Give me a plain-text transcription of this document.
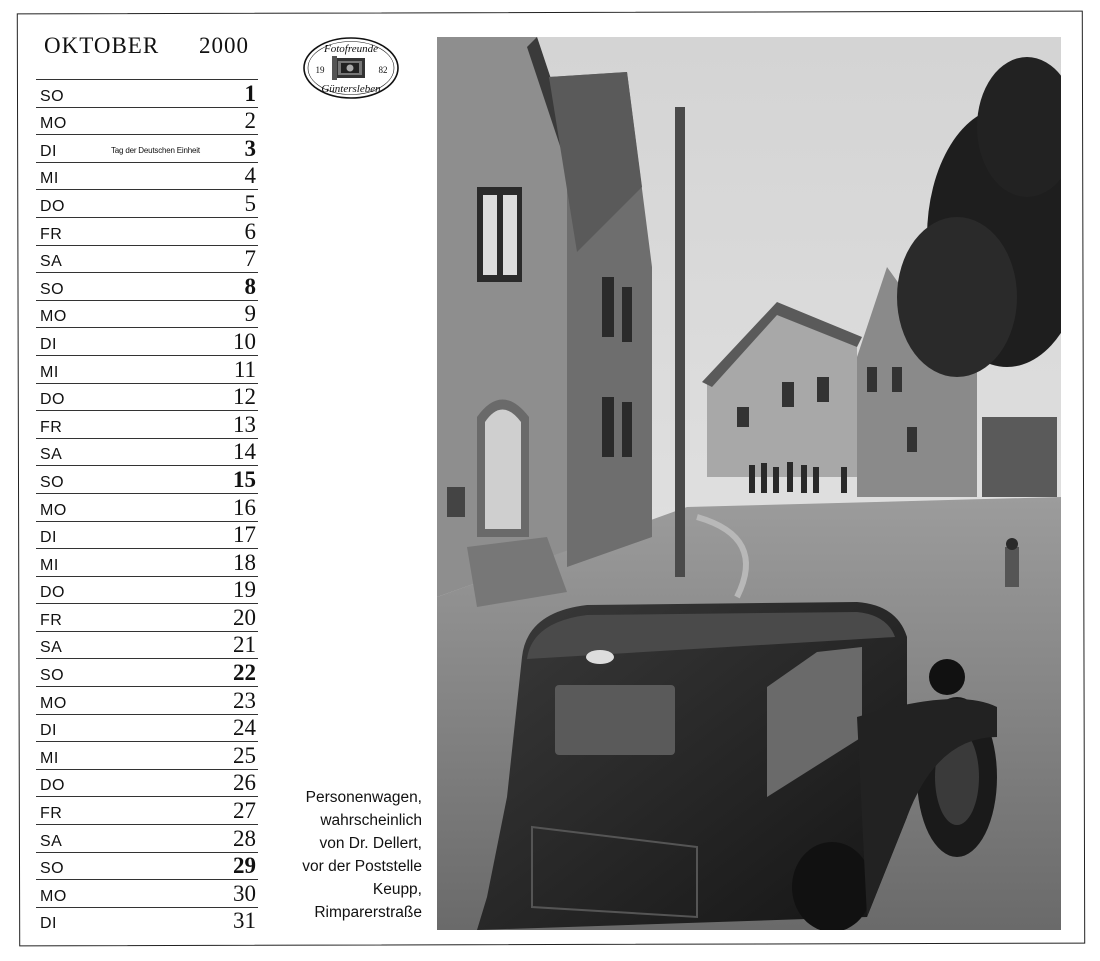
OKTOBER 2000	Fotofreunde
Güntersleben
19	82
SO	1
MO	2
DI	Tag der Deutschen Einheit 3
MI	4
DO	5
FR	6
SA	7
SO	8
MO	9
DI	10
MI	11
DO	12
FR	13
SA	14
SO	15
MO	16
DI	17
MI	18
DO	19
FR	20
SA	21
SO	22
MO	23
DI	24
MI	25
DO	26
FR	27
SA	28
SO	29
MO	30
DI	31
Personenwagen,
wahrscheinlich
von Dr. Dellert,
vor der Poststelle
Keupp,
Rimparerstraße
